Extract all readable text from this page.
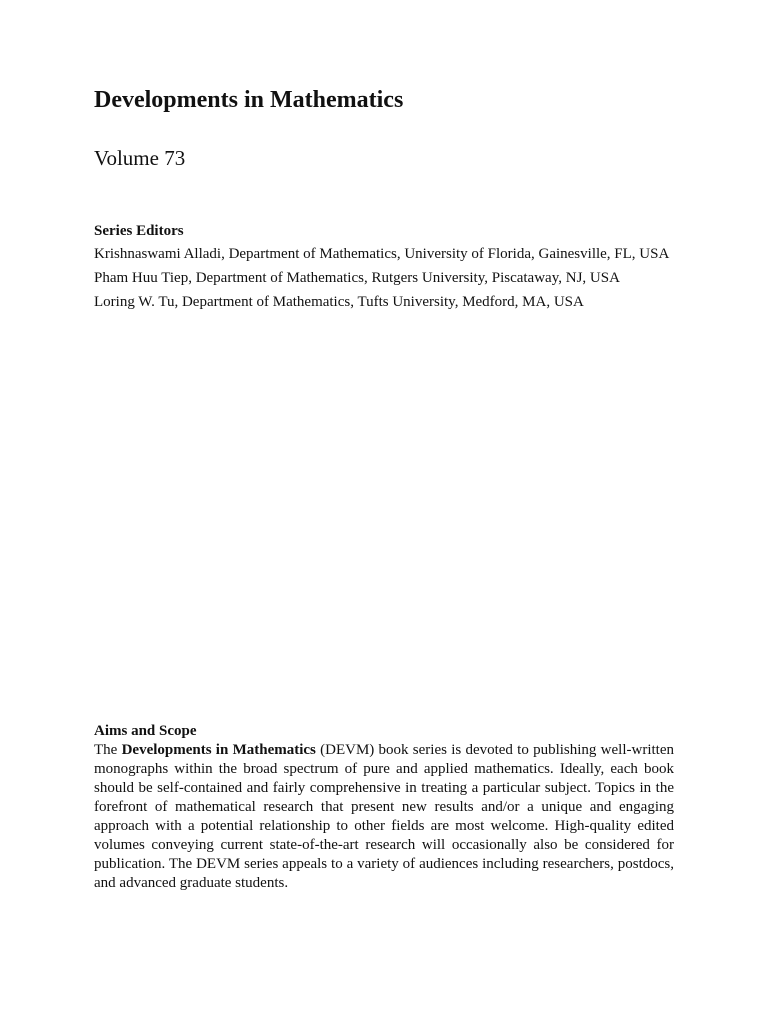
Developments in Mathematics
Volume 73
Series Editors
Krishnaswami Alladi, Department of Mathematics, University of Florida, Gainesville, FL, USA
Pham Huu Tiep, Department of Mathematics, Rutgers University, Piscataway, NJ, USA
Loring W. Tu, Department of Mathematics, Tufts University, Medford, MA, USA
Aims and Scope

The Developments in Mathematics (DEVM) book series is devoted to publishing well-written monographs within the broad spectrum of pure and applied mathematics. Ideally, each book should be self-contained and fairly comprehensive in treating a particular subject. Topics in the forefront of mathematical research that present new results and/or a unique and engaging approach with a potential relationship to other fields are most welcome. High-quality edited volumes conveying current state-of-the-art research will occasionally also be considered for publication. The DEVM series appeals to a variety of audiences including researchers, postdocs, and advanced graduate students.
